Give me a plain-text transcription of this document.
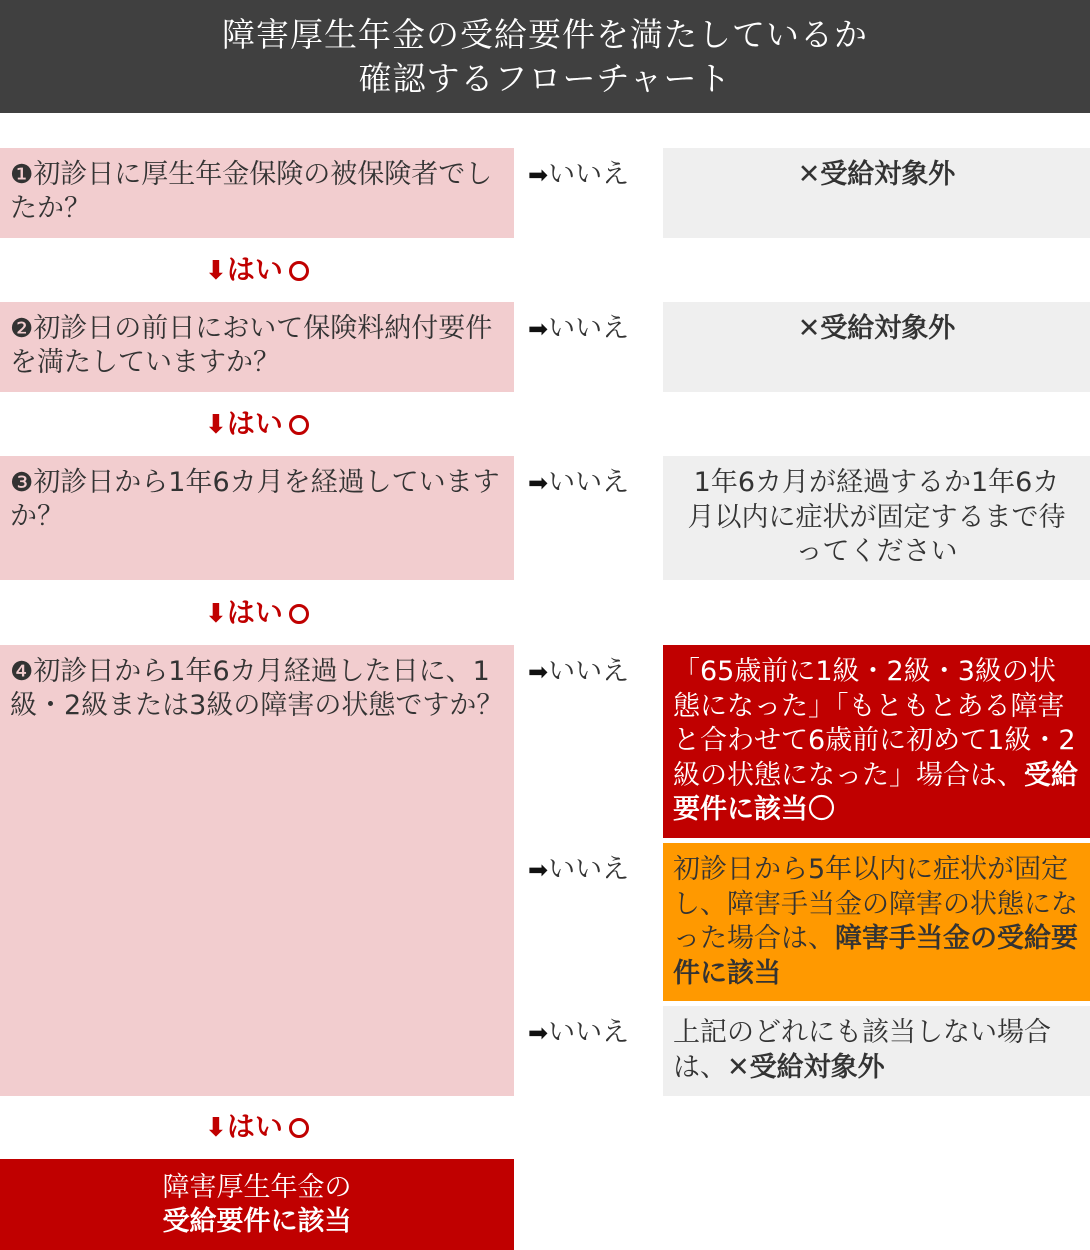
障害厚生年金の受給要件を満たしているか
確認するフローチャート
❶初診日に厚生年金保険の被保険者でしたか？
➡いいえ	✕受給対象外
⬇はい
❷初診日の前日において保険料納付要件を満たしていますか？
➡いいえ	✕受給対象外
⬇はい
❸初診日から1年6カ月を経過していますか？
➡いいえ	1年6カ月が経過するか1年6カ月以内に症状が固定するまで待ってください
⬇はい
❹初診日から1年6カ月経過した日に、1級・2級または3級の障害の状態ですか？
➡いいえ	「65歳前に1級・2級・3級の状態になった」「もともとある障害と合わせて6歳前に初めて1級・2級の状態になった」場合は、受給要件に該当〇
➡いいえ	初診日から5年以内に症状が固定し、障害手当金の障害の状態になった場合は、障害手当金の受給要件に該当
➡いいえ	上記のどれにも該当しない場合は、✕受給対象外
⬇はい
障害厚生年金の
受給要件に該当
